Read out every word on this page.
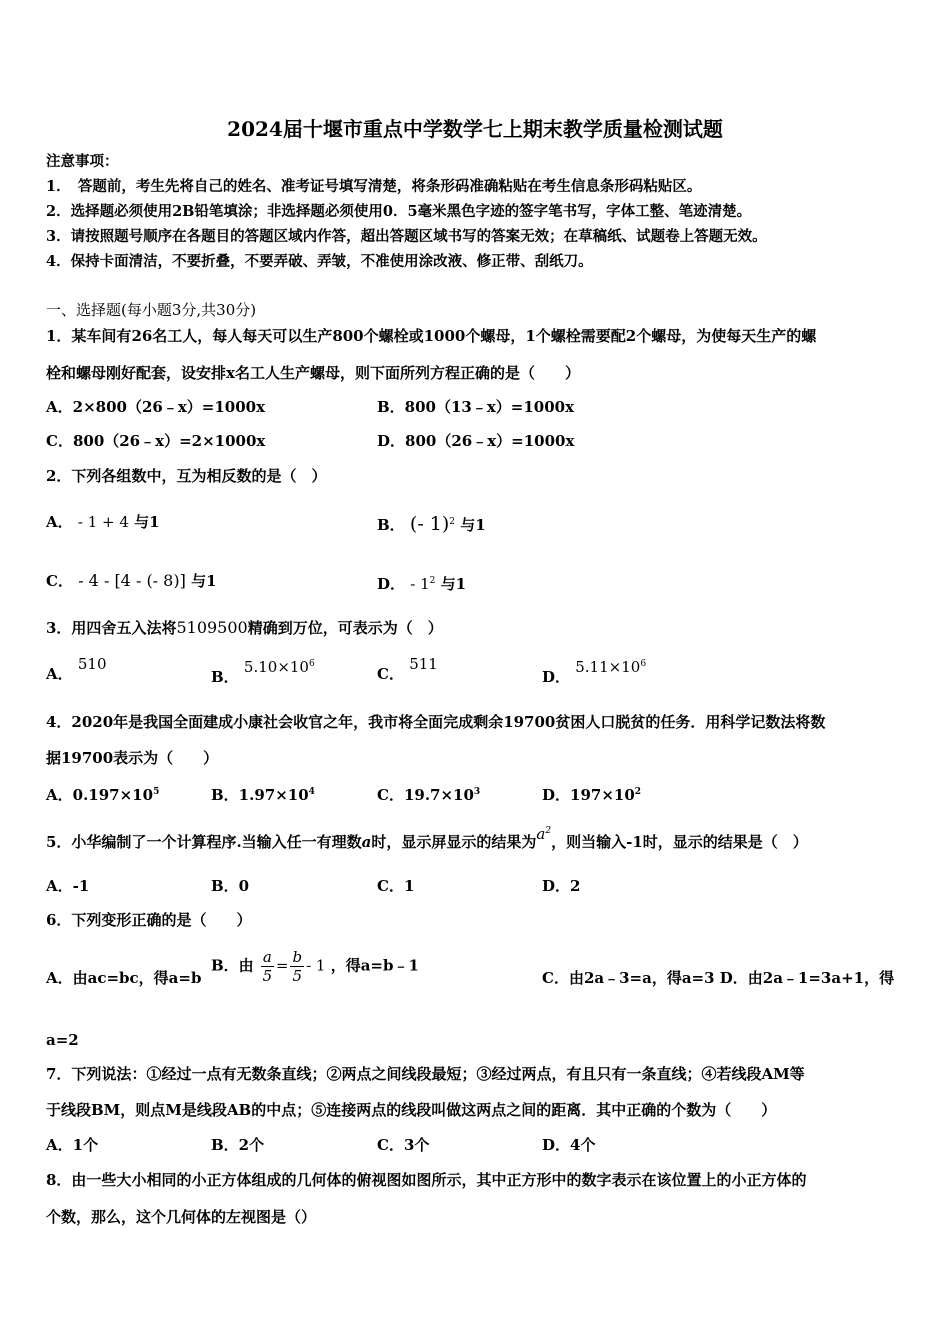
2024届十堰市重点中学数学七上期末教学质量检测试题
注意事项：
1．　答题前，考生先将自己的姓名、准考证号填写清楚，将条形码准确粘贴在考生信息条形码粘贴区。
2．选择题必须使用2B铅笔填涂；非选择题必须使用0．5毫米黑色字迹的签字笔书写，字体工整、笔迹清楚。
3．请按照题号顺序在各题目的答题区域内作答，超出答题区域书写的答案无效；在草稿纸、试题卷上答题无效。
4．保持卡面清洁，不要折叠，不要弄破、弄皱，不准使用涂改液、修正带、刮纸刀。
一、选择题(每小题3分,共30分)
1．某车间有26名工人，每人每天可以生产800个螺栓或1000个螺母，1个螺栓需要配2个螺母，为使每天生产的螺
栓和螺母刚好配套，设安排x名工人生产螺母，则下面所列方程正确的是（　　）
A．2×800（26﹣x）=1000x	B．800（13﹣x）=1000x
C．800（26﹣x）=2×1000x	D．800（26﹣x）=1000x
2．下列各组数中，互为相反数的是（　）
A． - 1 + 4 与1	B． (- 1)$^2$ 与1
C． - 4 - [4 - (- 8)] 与1	D． - $1^2$ 与1
3．用四舍五入法将5109500精确到万位，可表示为（　）
A． 510
B． $5.10\times 10^6$
C． 511
D． $5.11\times 10^6$
4．2020年是我国全面建成小康社会收官之年，我市将全面完成剩余19700贫困人口脱贫的任务．用科学记数法将数
据19700表示为（　　）
A．$0.197\times 10^5$	B．$1.97\times 10^4$	C．$19.7\times 10^3$	D．$197\times 10^2$
5．小华编制了一个计算程序.当输入任一有理数a时，显示屏显示的结果为$a^2$，则当输入-1时，显示的结果是（　）
A．-1	B．0	C．1	D．2
6．下列变形正确的是（　　）
A．由ac=bc，得a=b
B．由 $\frac{a}{5} = \frac{b}{5} - 1$ ，得a=b﹣1
C．由2a﹣3=a，得a=3 D．由2a﹣1=3a+1，得
a=2
7．下列说法：①经过一点有无数条直线；②两点之间线段最短；③经过两点，有且只有一条直线；④若线段AM等
于线段BM，则点M是线段AB的中点；⑤连接两点的线段叫做这两点之间的距离．其中正确的个数为（　　）
A．1个	B．2个	C．3个	D．4个
8．由一些大小相同的小正方体组成的几何体的俯视图如图所示，其中正方形中的数字表示在该位置上的小正方体的
个数，那么，这个几何体的左视图是（）
